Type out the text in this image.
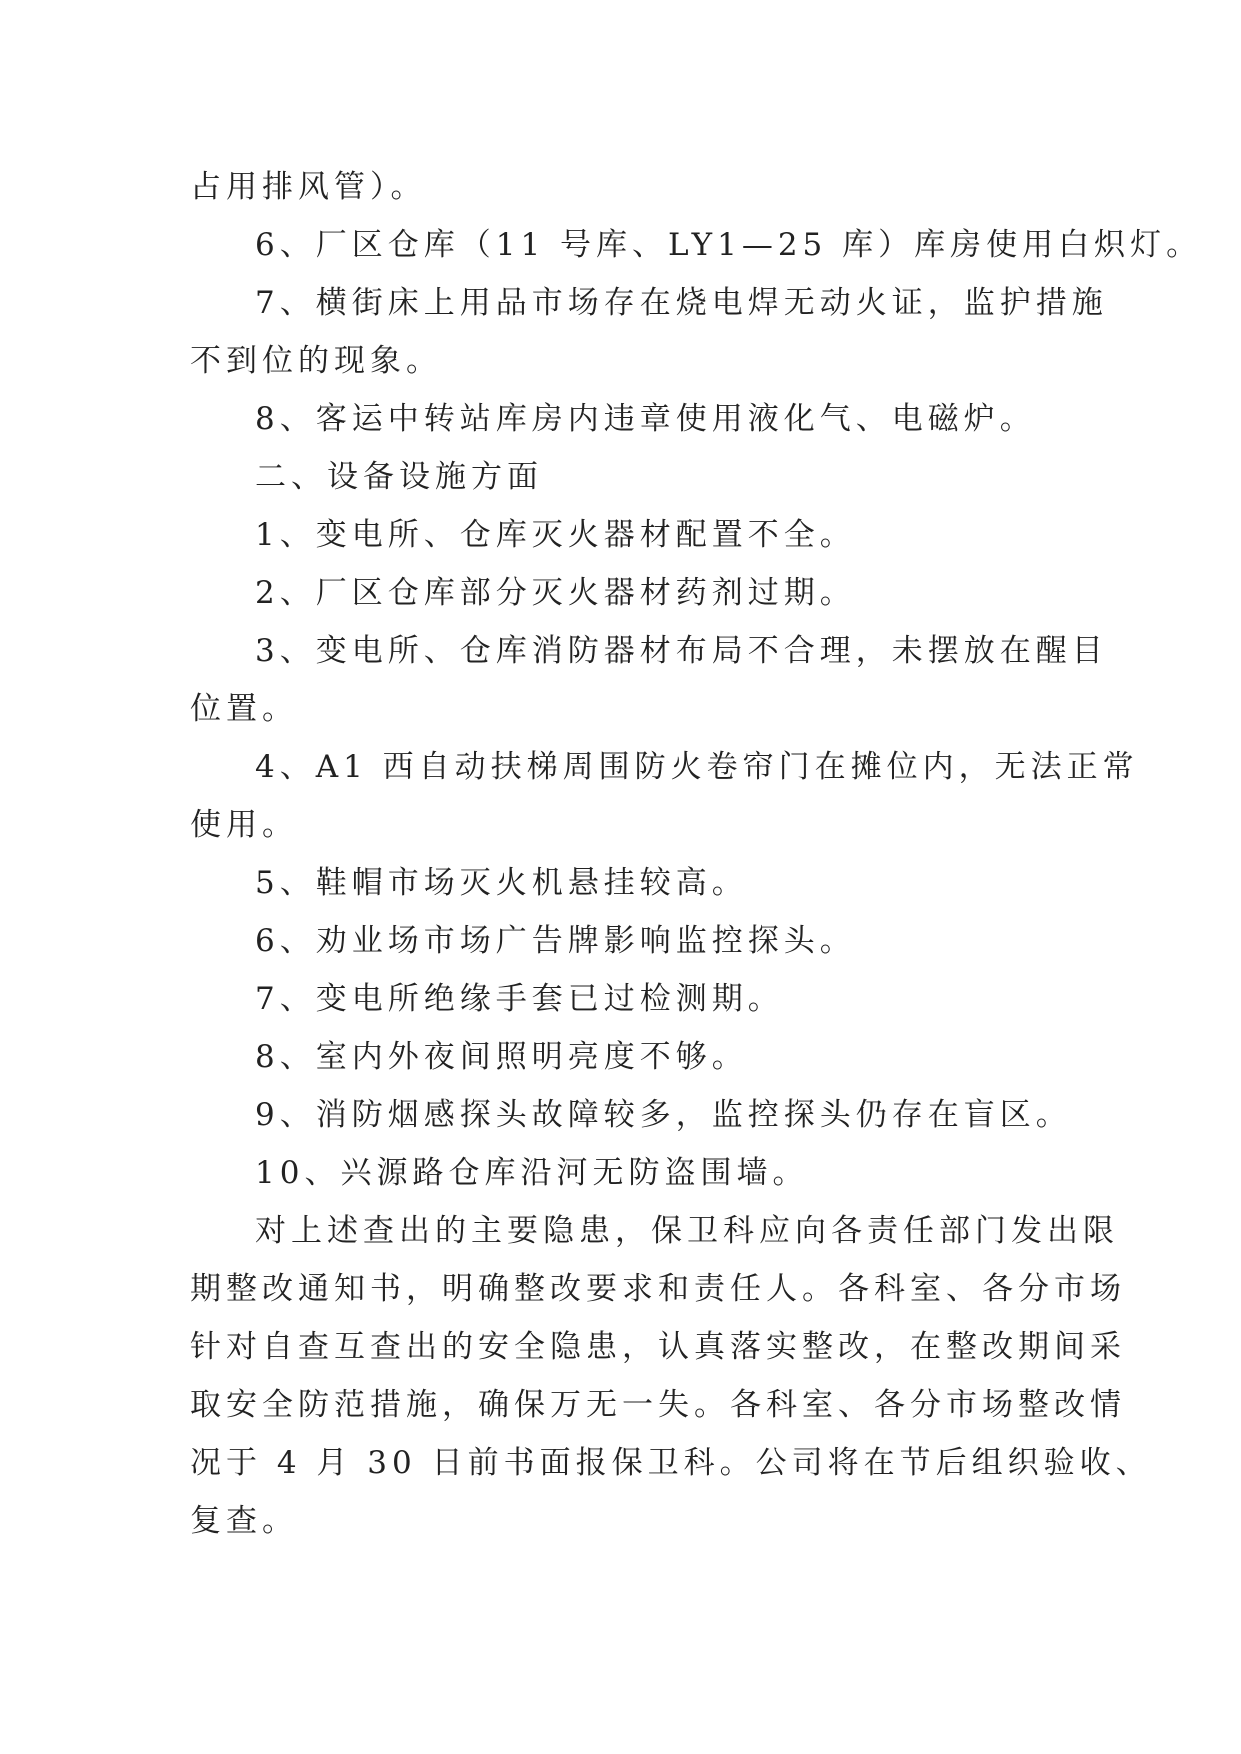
占用排风管）。
6、厂区仓库（11 号库、LY1—25 库）库房使用白炽灯。
7、横街床上用品市场存在烧电焊无动火证，监护措施
不到位的现象。
8、客运中转站库房内违章使用液化气、电磁炉。
二、设备设施方面
1、变电所、仓库灭火器材配置不全。
2、厂区仓库部分灭火器材药剂过期。
3、变电所、仓库消防器材布局不合理，未摆放在醒目
位置。
4、A1 西自动扶梯周围防火卷帘门在摊位内，无法正常
使用。
5、鞋帽市场灭火机悬挂较高。
6、劝业场市场广告牌影响监控探头。
7、变电所绝缘手套已过检测期。
8、室内外夜间照明亮度不够。
9、消防烟感探头故障较多，监控探头仍存在盲区。
10、兴源路仓库沿河无防盗围墙。
对上述查出的主要隐患，保卫科应向各责任部门发出限
期整改通知书，明确整改要求和责任人。各科室、各分市场
针对自查互查出的安全隐患，认真落实整改，在整改期间采
取安全防范措施，确保万无一失。各科室、各分市场整改情
况于 4 月 30 日前书面报保卫科。公司将在节后组织验收、
复查。
